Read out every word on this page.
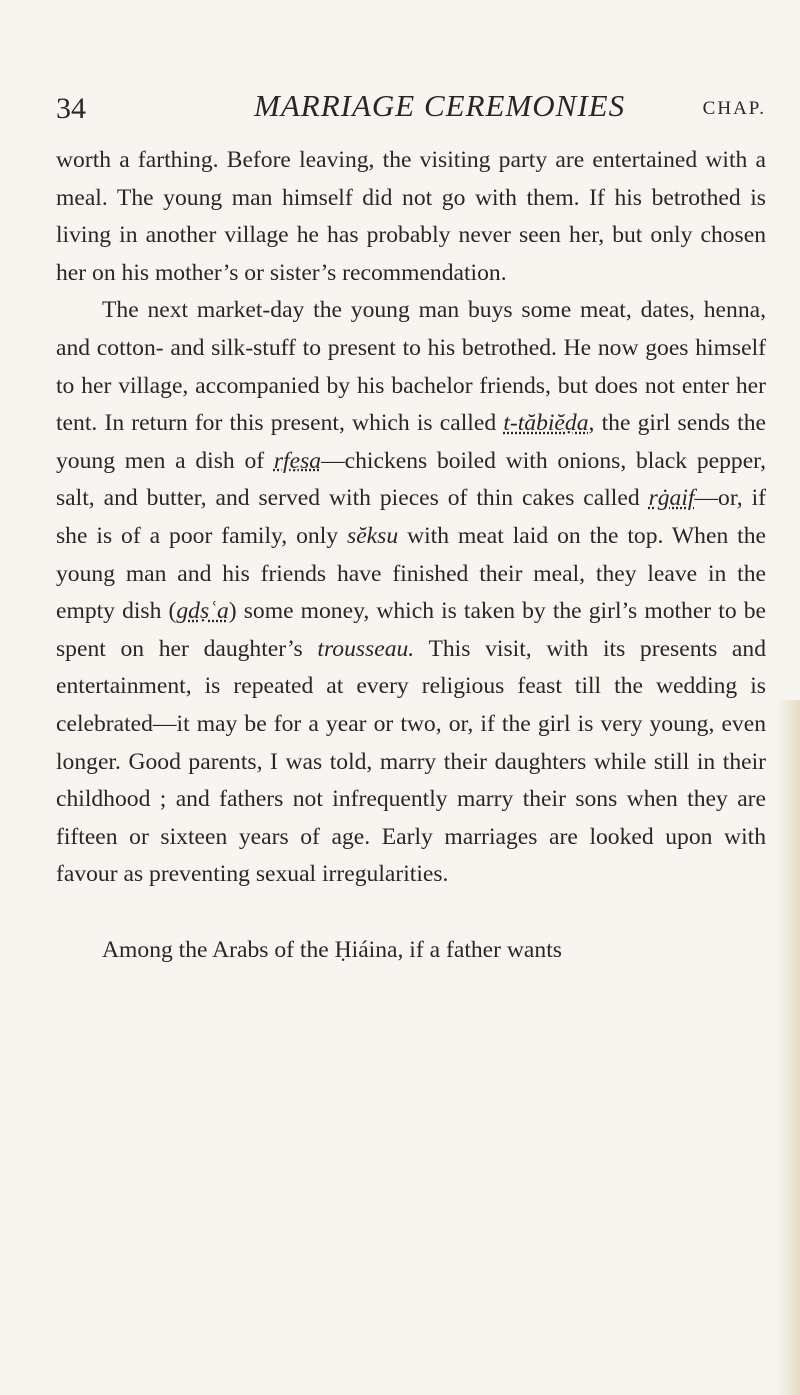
34	MARRIAGE CEREMONIES	CHAP.

worth a farthing. Before leaving, the visiting party are entertained with a meal. The young man himself did not go with them. If his betrothed is living in another village he has probably never seen her, but only chosen her on his mother’s or sister’s recommendation.

The next market-day the young man buys some meat, dates, henna, and cotton- and silk-stuff to present to his betrothed. He now goes himself to her village, accompanied by his bachelor friends, but does not enter her tent. In return for this present, which is called t-tăbiĕḍa, the girl sends the young men a dish of rfẹsa—chickens boiled with onions, black pepper, salt, and butter, and served with pieces of thin cakes called rġaif—or, if she is of a poor family, only sĕksu with meat laid on the top. When the young man and his friends have finished their meal, they leave in the empty dish (gdṣʿa) some money, which is taken by the girl’s mother to be spent on her daughter’s trousseau. This visit, with its presents and entertainment, is repeated at every religious feast till the wedding is celebrated—it may be for a year or two, or, if the girl is very young, even longer. Good parents, I was told, marry their daughters while still in their childhood ; and fathers not infrequently marry their sons when they are fifteen or sixteen years of age. Early marriages are looked upon with favour as preventing sexual irregularities.

Among the Arabs of the Ḥiáina, if a father wants
